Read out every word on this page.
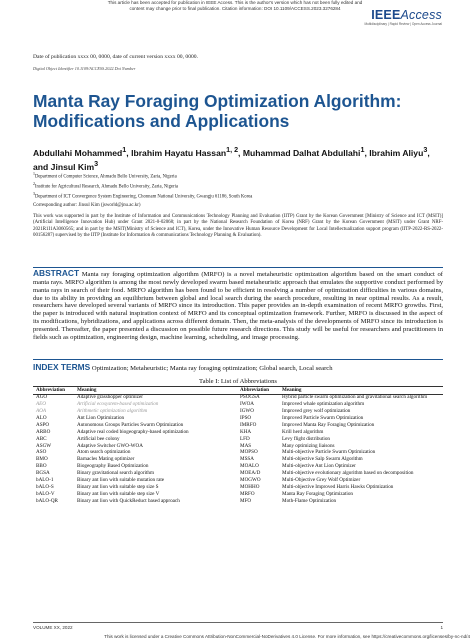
This article has been accepted for publication in IEEE Access. This is the author's version which has not been fully edited and
content may change prior to final publication. Citation information: DOI 10.1109/ACCESS.2023.3276284	IEEEAccess
Multidisciplinary | Rapid Review | Open Access Journal
Date of publication xxxx 00, 0000, date of current version xxxx 00, 0000.
Digital Object Identifier 10.1109/ACCESS.2022.Doi Number
Manta Ray Foraging Optimization Algorithm: Modifications and Applications
Abdullahi Mohammed$^1$, Ibrahim Hayatu Hassan$^{1, 2}$, Muhammad Dalhat Abdullahi$^1$, Ibrahim Aliyu$^3$, and Jinsul Kim$^3$
$^1$Department of Computer Science, Ahmadu Bello University, Zaria, Nigeria
$^2$Institute for Agricultural Research, Ahmadu Bello University, Zaria, Nigeria
$^3$Department of ICT Convergence System Engineering, Chonnam National University, Gwangju 61186, South Korea
Corresponding author: Jinsul Kim (jsworld@jnu.ac.kr)

This work was supported in part by the Institute of Information and Communications Technology Planning and Evaluation (IITP) Grant by the Korean Government [Ministry of Science and ICT (MSIT)] (Artificial Intelligence Innovation Hub) under Grant 2021-0-02068; in part by the National Research Foundation of Korea (NRF) Grant by the Korean Government (MSIT) under Grant NRF-2021R1I1A3060565; and in part by the MSIT(Ministry of Science and ICT), Korea, under the Innovative Human Resource Development for Local Intellectualization support program (IITP-2022-RS-2022-00156287) supervised by the IITP (Institute for Information & communications Technology Planning & Evaluation).

ABSTRACT Manta ray foraging optimization algorithm (MRFO) is a novel metaheuristic optimization algorithm based on the smart conduct of manta rays. MRFO algorithm is among the most newly developed swarm based metaheuristic approach that emulates the supportive conduct performed by manta rays in search of their food. MRFO algorithm has been found to be efficient in resolving a number of optimization difficulties in various domains, due to its ability in providing an equilibrium between global and local search during the search procedure, resulting in near optimal results. As a result, researchers have developed several variants of MRFO since its introduction. This paper provides an in-depth examination of recent MRFO growths. First, the paper is introduced with natural inspiration context of MRFO and its conceptual optimization framework. Further, MRFO is discussed in the aspect of its modifications, hybridizations, and applications across different domain. Then, the meta-analysis of the developments of MRFO since its introduction is presented. Thereafter, the paper presented a discussion on possible future research directions. This study will be useful for researchers and practitioners in fields such as optimization, engineering design, machine learning, scheduling, and image processing.

INDEX TERMS Optimization; Metaheuristic; Manta ray foraging optimization; Global search, Local search

Table I: List of Abbreviations
Abbreviation	Meaning	Abbreviation	Meaning
AGO	Adaptive grasshopper optimizer	PSOGSA	Hybrid particle swarm optimization and gravitational search algorithm
AEO	Artificial ecosystem-based optimization	IWOA	Improved whale optimization algorithm
AOA	Arithmetic optimization algorithm	IGWO	Improved grey wolf optimization
ALO	Ant Lion Optimization	IPSO	Improved Particle Swarm Optimization
ASPO	Autonomous Groups Particles Swarm Optimization	IMRFO	Improved Manta Ray Foraging Optimization
ARBO	Adaptive real coded biogeography-based optimization	KHA	Krill herd algorithm
ABC	Artificial bee colony	LFD	Levy flight distribution
ASGW	Adaptive Switcher GWO-WOA	MAS	Many optimizing liaisons
ASO	Atom search optimization	MOPSO	Multi-objective Particle Swarm Optimization
BMO	Barnacles Mating optimizer	MSSA	Multi-objective Salp Swarm Algorithm
BBO	Biogeography Based Optimization	MOALO	Multi-objective Ant Lion Optimizer
BGSA	Binary gravitational search algorithm	MOEA/D	Multi-objective evolutionary algorithm based on decomposition
bALO-1	Binary ant lion with suitable mutation rate	MOGWO	Multi-Objective Grey Wolf Optimizer
bALO-S	Binary ant lion with suitable step size S	MOHHO	Multi-objective Improved Harris Hawks Optimization
bALO-V	Binary ant lion with suitable step size V	MRFO	Manta Ray Foraging Optimization
bALO-QR	Binary ant lion with QuickReduct based approach	MFO	Moth-Flame Optimization
VOLUME XX, 2022	1
This work is licensed under a Creative Commons Attribution-NonCommercial-NoDerivatives 4.0 License. For more information, see https://creativecommons.org/licenses/by-nc-nd/4
